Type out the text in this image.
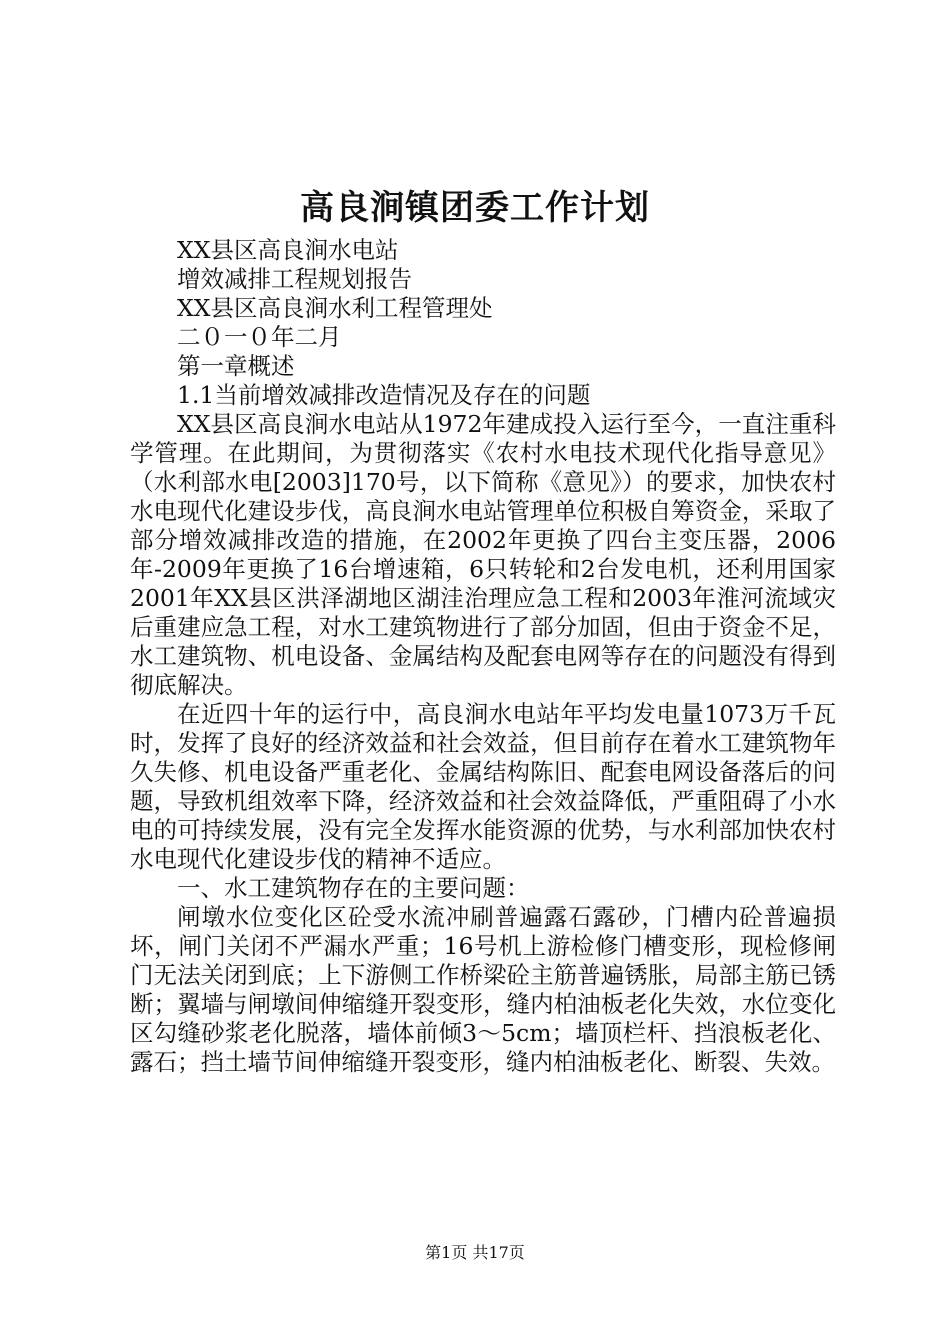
高良涧镇团委工作计划
XX县区高良涧水电站
增效减排工程规划报告
XX县区高良涧水利工程管理处
二０一０年二月
第一章概述
1.1当前增效减排改造情况及存在的问题

XX县区高良涧水电站从1972年建成投入运行至今，一直注重科学管理。在此期间，为贯彻落实《农村水电技术现代化指导意见》（水利部水电[2003]170号，以下简称《意见》）的要求，加快农村水电现代化建设步伐，高良涧水电站管理单位积极自筹资金，采取了部分增效减排改造的措施，在2002年更换了四台主变压器，2006年-2009年更换了16台增速箱，6只转轮和2台发电机，还利用国家2001年XX县区洪泽湖地区湖洼治理应急工程和2003年淮河流域灾后重建应急工程，对水工建筑物进行了部分加固，但由于资金不足，水工建筑物、机电设备、金属结构及配套电网等存在的问题没有得到彻底解决。

在近四十年的运行中，高良涧水电站年平均发电量1073万千瓦时，发挥了良好的经济效益和社会效益，但目前存在着水工建筑物年久失修、机电设备严重老化、金属结构陈旧、配套电网设备落后的问题，导致机组效率下降，经济效益和社会效益降低，严重阻碍了小水电的可持续发展，没有完全发挥水能资源的优势，与水利部加快农村水电现代化建设步伐的精神不适应。

一、水工建筑物存在的主要问题：

闸墩水位变化区砼受水流冲刷普遍露石露砂，门槽内砼普遍损坏，闸门关闭不严漏水严重；16号机上游检修门槽变形，现检修闸门无法关闭到底；上下游侧工作桥梁砼主筋普遍锈胀，局部主筋已锈断；翼墙与闸墩间伸缩缝开裂变形，缝内柏油板老化失效，水位变化区勾缝砂浆老化脱落，墙体前倾3～5cm；墙顶栏杆、挡浪板老化、露石；挡土墙节间伸缩缝开裂变形，缝内柏油板老化、断裂、失效。

第1页 共17页
